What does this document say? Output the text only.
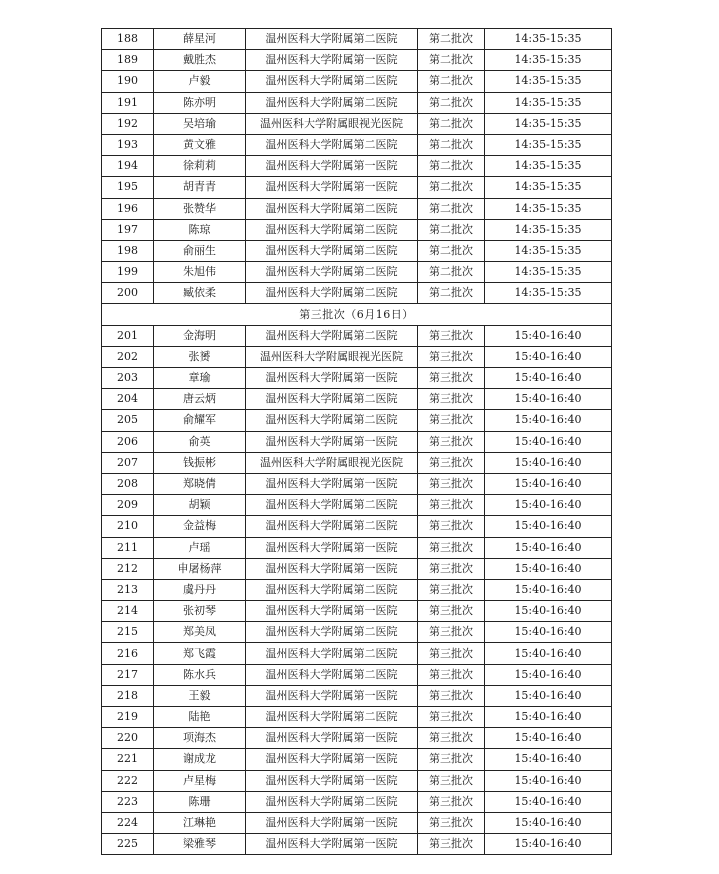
188	薛星河	温州医科大学附属第二医院	第二批次	14:35-15:35
189	戴胜杰	温州医科大学附属第一医院	第二批次	14:35-15:35
190	卢毅	温州医科大学附属第二医院	第二批次	14:35-15:35
191	陈亦明	温州医科大学附属第二医院	第二批次	14:35-15:35
192	吴培瑜	温州医科大学附属眼视光医院	第二批次	14:35-15:35
193	黄文雅	温州医科大学附属第二医院	第二批次	14:35-15:35
194	徐莉莉	温州医科大学附属第一医院	第二批次	14:35-15:35
195	胡青青	温州医科大学附属第一医院	第二批次	14:35-15:35
196	张赞华	温州医科大学附属第二医院	第二批次	14:35-15:35
197	陈琼	温州医科大学附属第二医院	第二批次	14:35-15:35
198	俞丽生	温州医科大学附属第二医院	第二批次	14:35-15:35
199	朱旭伟	温州医科大学附属第二医院	第二批次	14:35-15:35
200	臧依柔	温州医科大学附属第二医院	第二批次	14:35-15:35
第三批次（6月16日）				
201	金海明	温州医科大学附属第二医院	第三批次	15:40-16:40
202	张赟	温州医科大学附属眼视光医院	第三批次	15:40-16:40
203	章瑜	温州医科大学附属第一医院	第三批次	15:40-16:40
204	唐云炳	温州医科大学附属第二医院	第三批次	15:40-16:40
205	俞耀军	温州医科大学附属第二医院	第三批次	15:40-16:40
206	俞英	温州医科大学附属第一医院	第三批次	15:40-16:40
207	钱振彬	温州医科大学附属眼视光医院	第三批次	15:40-16:40
208	郑晓倩	温州医科大学附属第一医院	第三批次	15:40-16:40
209	胡颖	温州医科大学附属第二医院	第三批次	15:40-16:40
210	金益梅	温州医科大学附属第二医院	第三批次	15:40-16:40
211	卢瑶	温州医科大学附属第一医院	第三批次	15:40-16:40
212	申屠杨萍	温州医科大学附属第一医院	第三批次	15:40-16:40
213	虞丹丹	温州医科大学附属第二医院	第三批次	15:40-16:40
214	张初琴	温州医科大学附属第一医院	第三批次	15:40-16:40
215	郑美凤	温州医科大学附属第二医院	第三批次	15:40-16:40
216	郑飞霞	温州医科大学附属第二医院	第三批次	15:40-16:40
217	陈水兵	温州医科大学附属第二医院	第三批次	15:40-16:40
218	王毅	温州医科大学附属第一医院	第三批次	15:40-16:40
219	陆艳	温州医科大学附属第二医院	第三批次	15:40-16:40
220	项海杰	温州医科大学附属第一医院	第三批次	15:40-16:40
221	谢成龙	温州医科大学附属第一医院	第三批次	15:40-16:40
222	卢星梅	温州医科大学附属第一医院	第三批次	15:40-16:40
223	陈珊	温州医科大学附属第二医院	第三批次	15:40-16:40
224	江琳艳	温州医科大学附属第一医院	第三批次	15:40-16:40
225	梁雅琴	温州医科大学附属第一医院	第三批次	15:40-16:40
